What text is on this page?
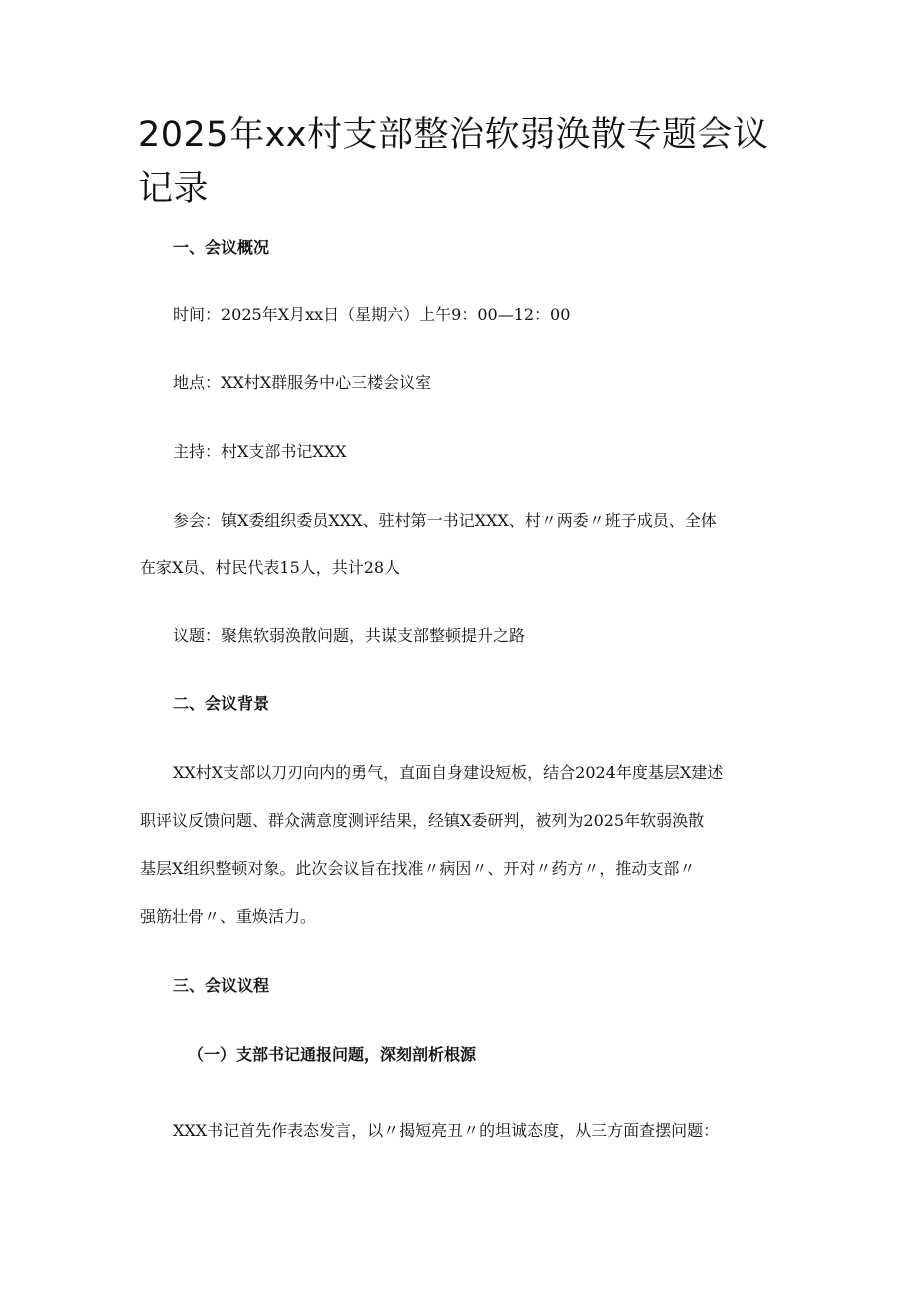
2025年xx村支部整治软弱涣散专题会议记录

一、会议概况

时间：2025年X月xx日（星期六）上午9：00—12：00

地点：XX村X群服务中心三楼会议室

主持：村X支部书记XXX

参会：镇X委组织委员XXX、驻村第一书记XXX、村〃两委〃班子成员、全体

在家X员、村民代表15人，共计28人

议题：聚焦软弱涣散问题，共谋支部整顿提升之路

二、会议背景

XX村X支部以刀刃向内的勇气，直面自身建设短板，结合2024年度基层X建述

职评议反馈问题、群众满意度测评结果，经镇X委研判，被列为2025年软弱涣散

基层X组织整顿对象。此次会议旨在找准〃病因〃、开对〃药方〃，推动支部〃

强筋壮骨〃、重焕活力。

三、会议议程

（一）支部书记通报问题，深刻剖析根源

XXX书记首先作表态发言，以〃揭短亮丑〃的坦诚态度，从三方面查摆问题：
